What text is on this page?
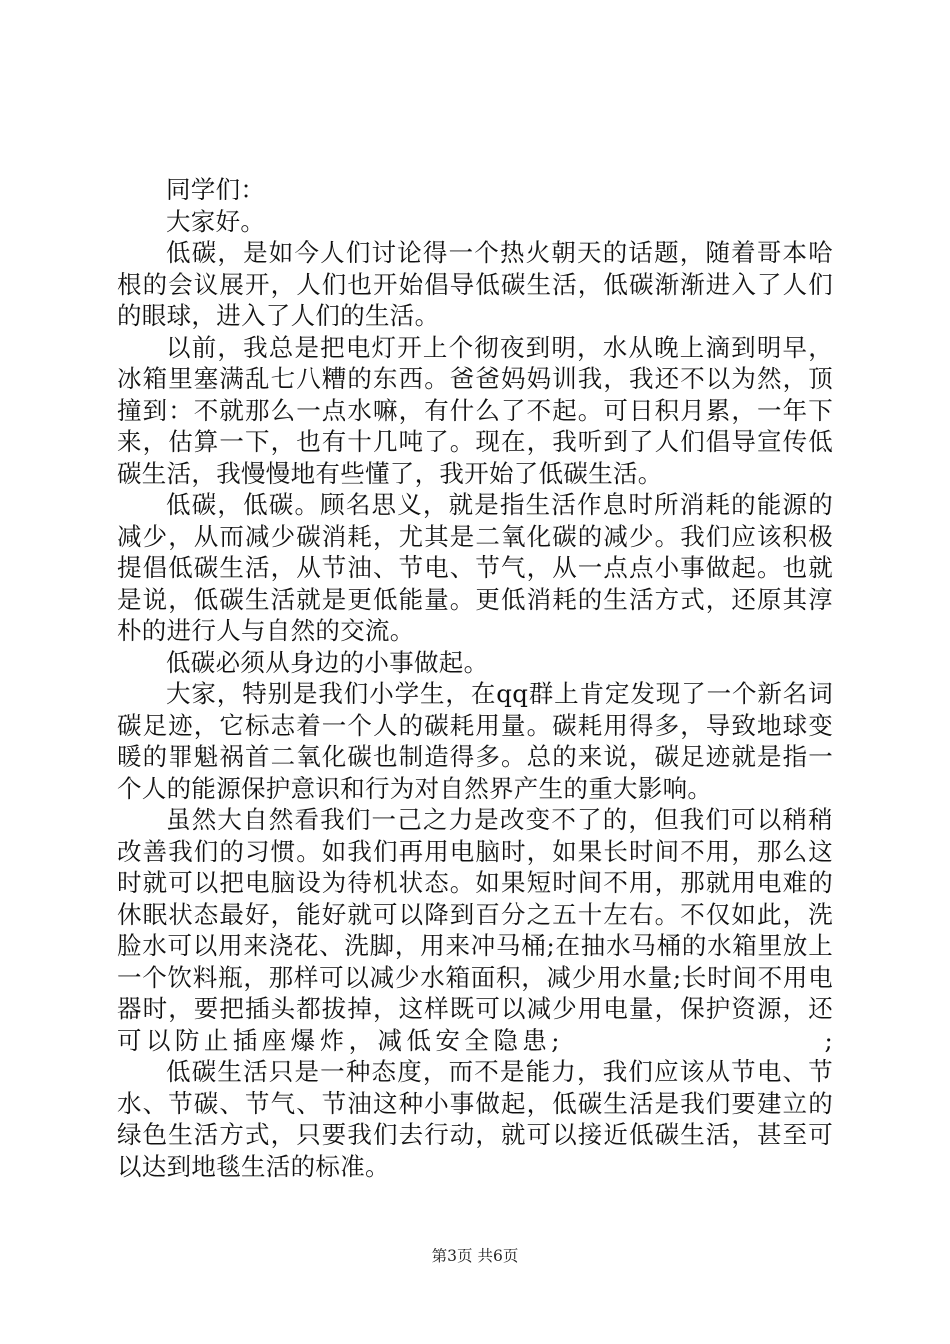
同学们：

大家好。

低碳，是如今人们讨论得一个热火朝天的话题，随着哥本哈根的会议展开，人们也开始倡导低碳生活，低碳渐渐进入了人们的眼球，进入了人们的生活。

以前，我总是把电灯开上个彻夜到明，水从晚上滴到明早，冰箱里塞满乱七八糟的东西。爸爸妈妈训我，我还不以为然，顶撞到：不就那么一点水嘛，有什么了不起。可日积月累，一年下来，估算一下，也有十几吨了。现在，我听到了人们倡导宣传低碳生活，我慢慢地有些懂了，我开始了低碳生活。

低碳，低碳。顾名思义，就是指生活作息时所消耗的能源的减少，从而减少碳消耗，尤其是二氧化碳的减少。我们应该积极提倡低碳生活，从节油、节电、节气，从一点点小事做起。也就是说，低碳生活就是更低能量。更低消耗的生活方式，还原其淳朴的进行人与自然的交流。

低碳必须从身边的小事做起。

大家，特别是我们小学生，在qq群上肯定发现了一个新名词碳足迹，它标志着一个人的碳耗用量。碳耗用得多，导致地球变暖的罪魁祸首二氧化碳也制造得多。总的来说，碳足迹就是指一个人的能源保护意识和行为对自然界产生的重大影响。

虽然大自然看我们一己之力是改变不了的，但我们可以稍稍改善我们的习惯。如我们再用电脑时，如果长时间不用，那么这时就可以把电脑设为待机状态。如果短时间不用，那就用电难的休眠状态最好，能好就可以降到百分之五十左右。不仅如此，洗脸水可以用来浇花、洗脚，用来冲马桶;在抽水马桶的水箱里放上一个饮料瓶，那样可以减少水箱面积，减少用水量;长时间不用电器时，要把插头都拔掉，这样既可以减少用电量，保护资源，还可以防止插座爆炸，减低安全隐患;　　　　　　　　　;

低碳生活只是一种态度，而不是能力，我们应该从节电、节水、节碳、节气、节油这种小事做起，低碳生活是我们要建立的绿色生活方式，只要我们去行动，就可以接近低碳生活，甚至可以达到地毯生活的标准。

第3页 共6页
